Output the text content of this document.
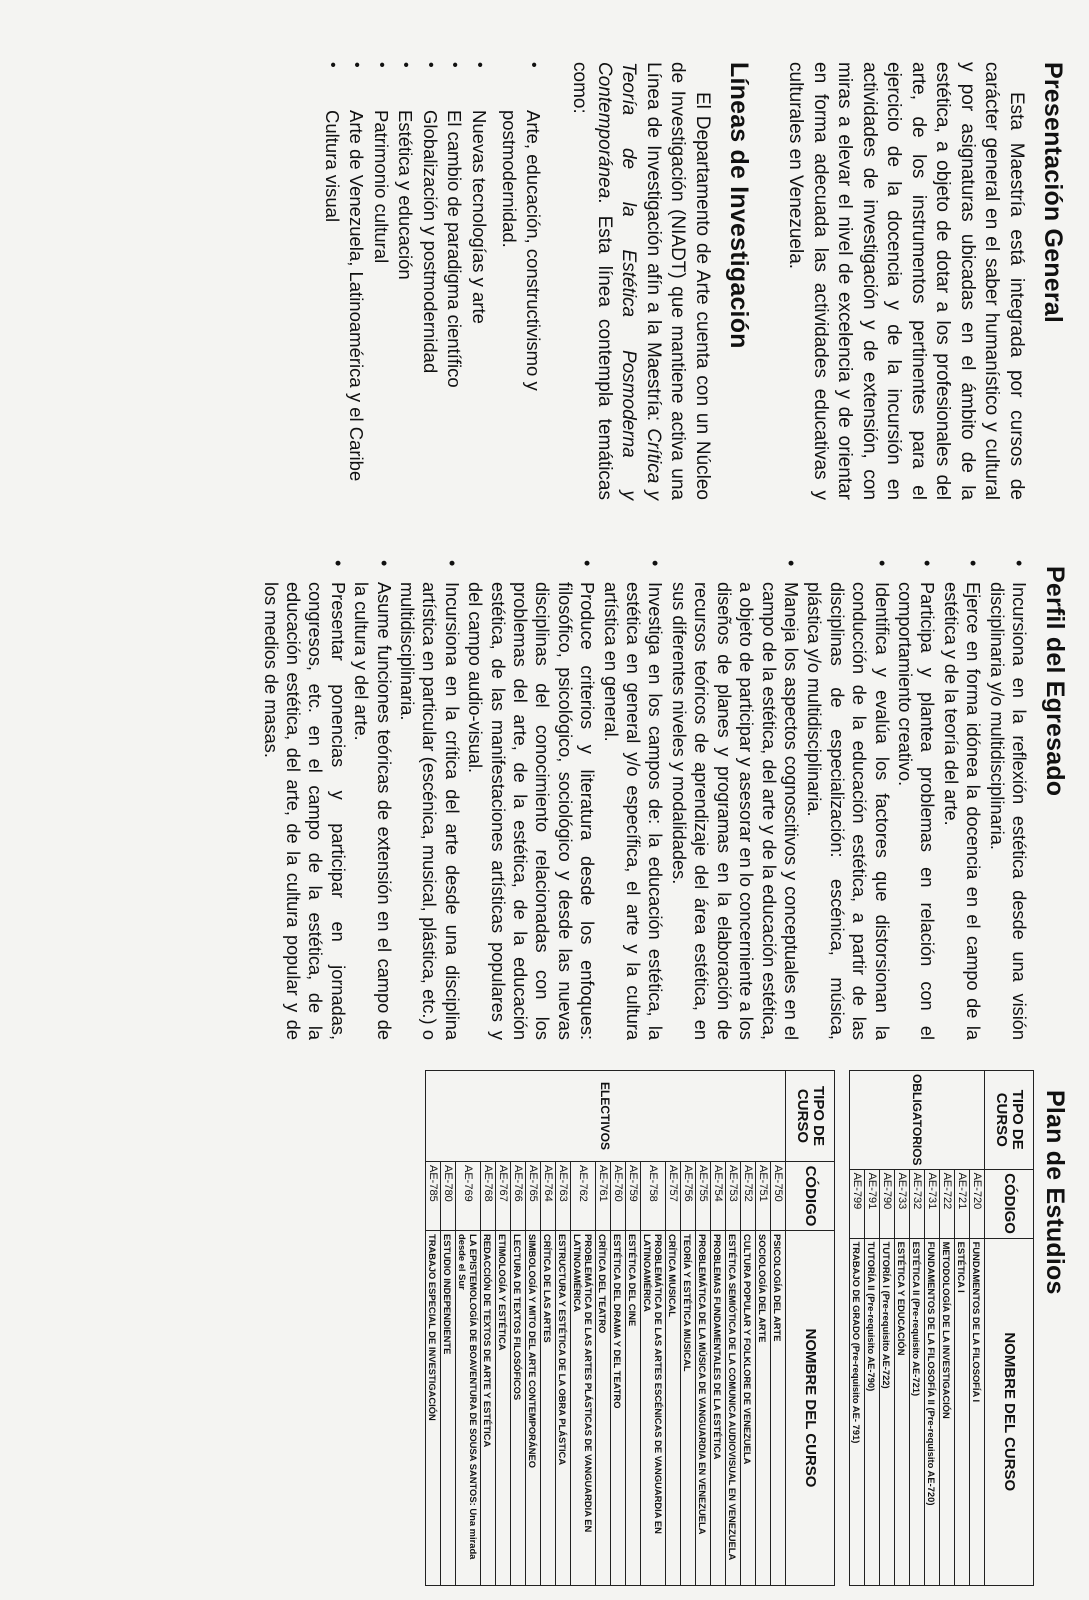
Presentación General

Esta Maestría está integrada por cursos de carácter general en el saber humanístico y cultural y por asignaturas ubicadas en el ámbito de la estética, a objeto de dotar a los profesionales del arte, de los instrumentos pertinentes para el ejercicio de la docencia y de la incursión en actividades de investigación y de extensión, con miras a elevar el nivel de excelencia y de orientar en forma adecuada las actividades educativas y culturales en Venezuela.

Líneas de Investigación

El Departamento de Arte cuenta con un Núcleo de Investigación (NIADT) que mantiene activa una Línea de Investigación afín a la Maestría: Crítica y Teoría de la Estética Posmoderna y Contemporánea. Esta línea contempla temáticas como:

• Arte, educación, constructivismo y postmodernidad.
• Nuevas tecnologías y arte
• El cambio de paradigma científico
• Globalización y postmodernidad
• Estética y educación
• Patrimonio cultural
• Arte de Venezuela, Latinoamérica y el Caribe
• Cultura visual
Perfil del Egresado
• Incursiona en la reflexión estética desde una visión disciplinaria y/o multidisciplinaria.
• Ejerce en forma idónea la docencia en el campo de la estética y de la teoría del arte.
• Participa y plantea problemas en relación con el comportamiento creativo.
• Identifica y evalúa los factores que distorsionan la conducción de la educación estética, a partir de las disciplinas de especialización: escénica, música, plástica y/o multidisciplinaria.
• Maneja los aspectos cognoscitivos y conceptuales en el campo de la estética, del arte y de la educación estética, a objeto de participar y asesorar en lo concerniente a los diseños de planes y programas en la elaboración de recursos teóricos de aprendizaje del área estética, en sus diferentes niveles y modalidades.
• Investiga en los campos de: la educación estética, la estética en general y/o específica, el arte y la cultura artística en general.
• Produce criterios y literatura desde los enfoques: filosófico, psicológico, sociológico y desde las nuevas disciplinas del conocimiento relacionadas con los problemas del arte, de la estética, de la educación estética, de las manifestaciones artísticas populares y del campo audio-visual.
• Incursiona en la crítica del arte desde una disciplina artística en particular (escénica, musical, plástica, etc.) o multidisciplinaria.
• Asume funciones teóricas de extensión en el campo de la cultura y del arte.
• Presentar ponencias y participar en jornadas, congresos, etc. en el campo de la estética, de la educación estética, del arte, de la cultura popular y de los medios de masas.
Plan de Estudios
TIPO DE CURSO	CÓDIGO	NOMBRE DEL CURSO
OBLIGATORIOS	AE-720	FUNDAMENTOS DE LA FILOSOFÍA I
	AE-721	ESTÉTICA I
	AE-722	METODOLOGÍA DE LA INVESTIGACIÓN
	AE-731	FUNDAMENTOS DE LA FILOSOFÍA II (Pre-requisito AE-720)
	AE-732	ESTÉTICA II (Pre-requisito AE-721)
	AE-733	ESTÉTICA Y EDUCACIÓN
	AE-790	TUTORÍA I (Pre-requisito AE-722)
	AE-791	TUTORÍA II (Pre-requisito AE-790)
	AE-799	TRABAJO DE GRADO (Pre-requisito AE- 791)
TIPO DE CURSO	CÓDIGO	NOMBRE DEL CURSO
ELECTIVOS	AE-750	PSICOLOGÍA DEL ARTE
	AE-751	SOCIOLOGÍA DEL ARTE
	AE-752	CULTURA POPULAR Y FOLKLORE DE VENEZUELA
	AE-753	ESTÉTICA SEMIÓTICA DE LA COMUNICA AUDIOVISUAL EN VENEZUELA
	AE-754	PROBLEMAS FUNDAMENTALES DE LA ESTÉTICA
	AE-755	PROBLEMÁTICA DE LA MÚSICA DE VANGUARDIA EN VENEZUELA
	AE-756	TEORÍA Y ESTÉTICA MUSICAL
	AE-757	CRÍTICA MUSICAL
	AE-758	PROBLEMÁTICA DE LAS ARTES ESCÉNICAS DE VANGUARDIA EN LATINOAMÉRICA
	AE-759	ESTÉTICA DEL CINE
	AE-760	ESTÉTICA DEL DRAMA Y DEL TEATRO
	AE-761	CRÍTICA DEL TEATRO
	AE-762	PROBLEMÁTICA DE LAS ARTES PLÁSTICAS DE VANGUARDIA EN LATINOAMÉRICA
	AE-763	ESTRUCTURA Y ESTÉTICA DE LA OBRA PLÁSTICA
	AE-764	CRÍTICA DE LAS ARTES
	AE-765	SIMBOLOGÍA Y MITO DEL ARTE CONTEMPORÁNEO
	AE-766	LECTURA DE TEXTOS FILOSÓFICOS
	AE-767	ETIMOLOGÍA Y ESTÉTICA
	AE-768	REDACCIÓN DE TEXTOS DE ARTE Y ESTÉTICA
	AE-769	LA EPISTEMOLOGÍA DE BOAVENTURA DE SOUSA SANTOS: Una mirada desde el Sur
	AE-780	ESTUDIO INDEPENDIENTE
	AE-785	TRABAJO ESPECIAL DE INVESTIGACIÓN
